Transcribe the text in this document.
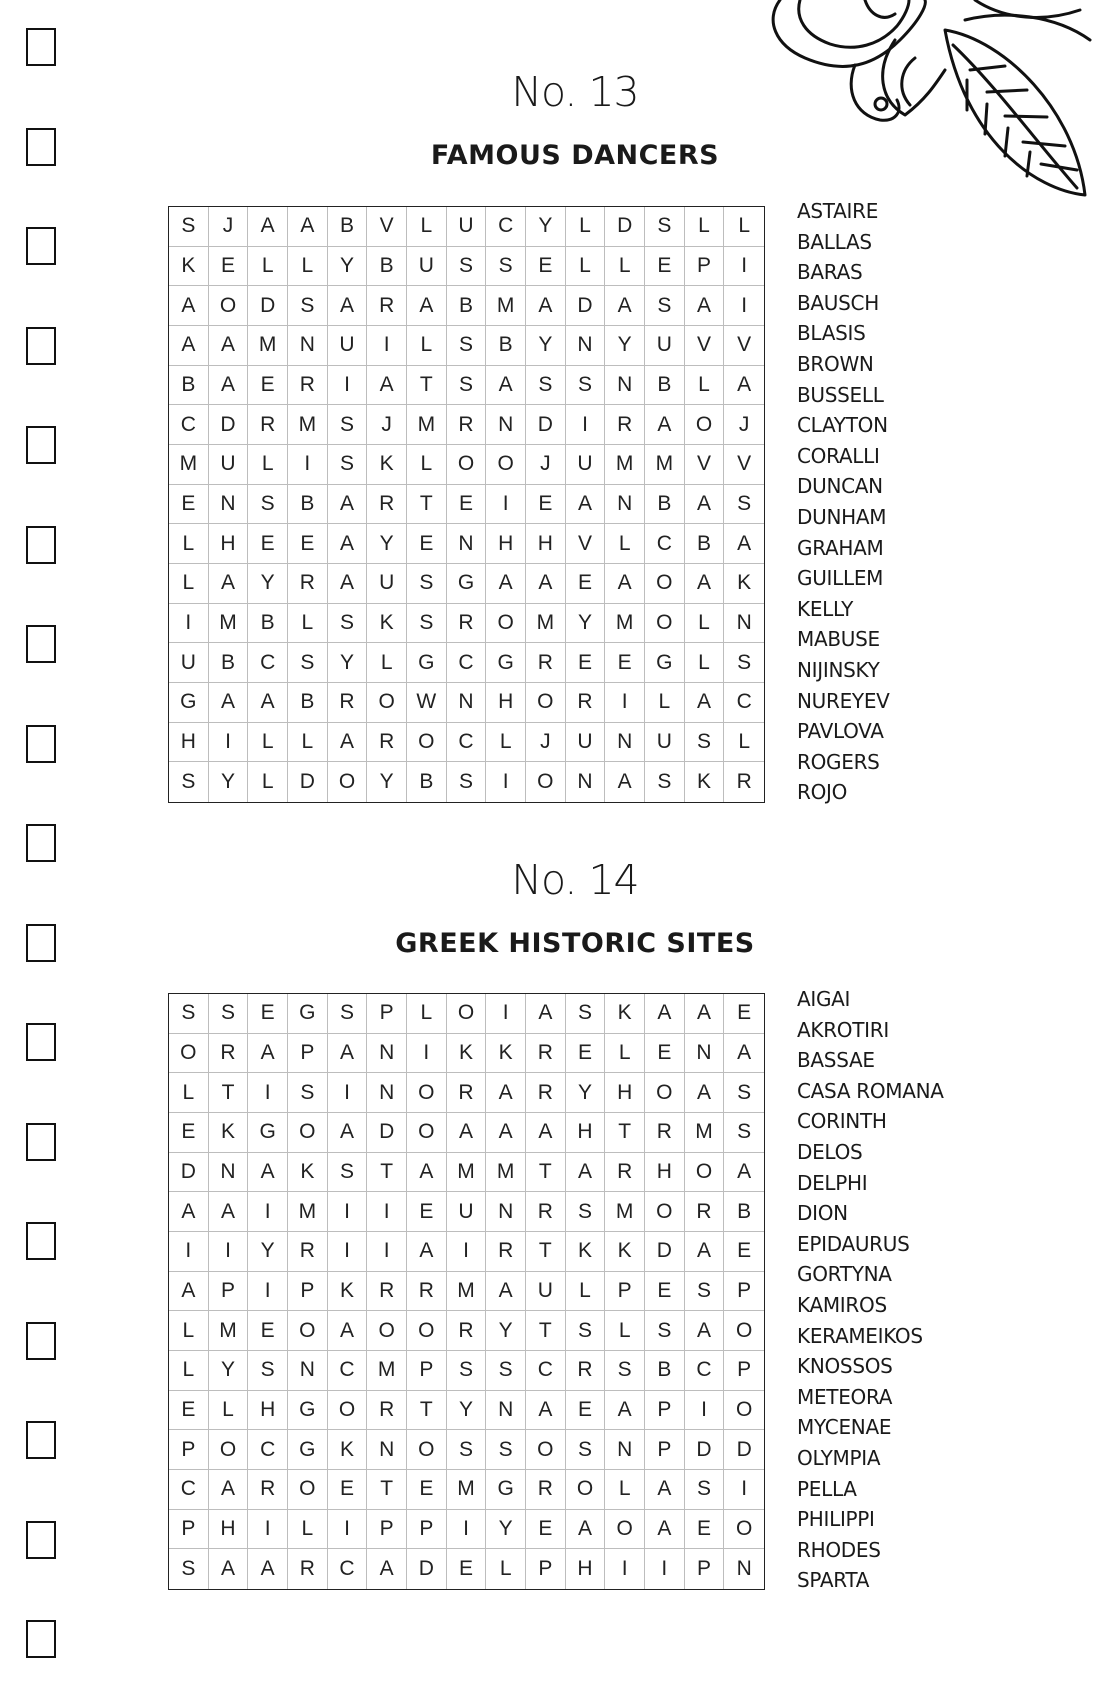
No. 13
FAMOUS DANCERS
S	J	A	A	B	V	L	U	C	Y	L	D	S	L	L
K	E	L	L	Y	B	U	S	S	E	L	L	E	P	I
A	O	D	S	A	R	A	B	M	A	D	A	S	A	I
A	A	M	N	U	I	L	S	B	Y	N	Y	U	V	V
B	A	E	R	I	A	T	S	A	S	S	N	B	L	A
C	D	R	M	S	J	M	R	N	D	I	R	A	O	J
M	U	L	I	S	K	L	O	O	J	U	M	M	V	V
E	N	S	B	A	R	T	E	I	E	A	N	B	A	S
L	H	E	E	A	Y	E	N	H	H	V	L	C	B	A
L	A	Y	R	A	U	S	G	A	A	E	A	O	A	K
I	M	B	L	S	K	S	R	O	M	Y	M	O	L	N
U	B	C	S	Y	L	G	C	G	R	E	E	G	L	S
G	A	A	B	R	O	W	N	H	O	R	I	L	A	C
H	I	L	L	A	R	O	C	L	J	U	N	U	S	L
S	Y	L	D	O	Y	B	S	I	O	N	A	S	K	R
ASTAIRE
BALLAS
BARAS
BAUSCH
BLASIS
BROWN
BUSSELL
CLAYTON
CORALLI
DUNCAN
DUNHAM
GRAHAM
GUILLEM
KELLY
MABUSE
NIJINSKY
NUREYEV
PAVLOVA
ROGERS
ROJO
No. 14
GREEK HISTORIC SITES
S	S	E	G	S	P	L	O	I	A	S	K	A	A	E
O	R	A	P	A	N	I	K	K	R	E	L	E	N	A
L	T	I	S	I	N	O	R	A	R	Y	H	O	A	S
E	K	G	O	A	D	O	A	A	A	H	T	R	M	S
D	N	A	K	S	T	A	M	M	T	A	R	H	O	A
A	A	I	M	I	I	E	U	N	R	S	M	O	R	B
I	I	Y	R	I	I	A	I	R	T	K	K	D	A	E
A	P	I	P	K	R	R	M	A	U	L	P	E	S	P
L	M	E	O	A	O	O	R	Y	T	S	L	S	A	O
L	Y	S	N	C	M	P	S	S	C	R	S	B	C	P
E	L	H	G	O	R	T	Y	N	A	E	A	P	I	O
P	O	C	G	K	N	O	S	S	O	S	N	P	D	D
C	A	R	O	E	T	E	M	G	R	O	L	A	S	I
P	H	I	L	I	P	P	I	Y	E	A	O	A	E	O
S	A	A	R	C	A	D	E	L	P	H	I	I	P	N
AIGAI
AKROTIRI
BASSAE
CASA ROMANA
CORINTH
DELOS
DELPHI
DION
EPIDAURUS
GORTYNA
KAMIROS
KERAMEIKOS
KNOSSOS
METEORA
MYCENAE
OLYMPIA
PELLA
PHILIPPI
RHODES
SPARTA
